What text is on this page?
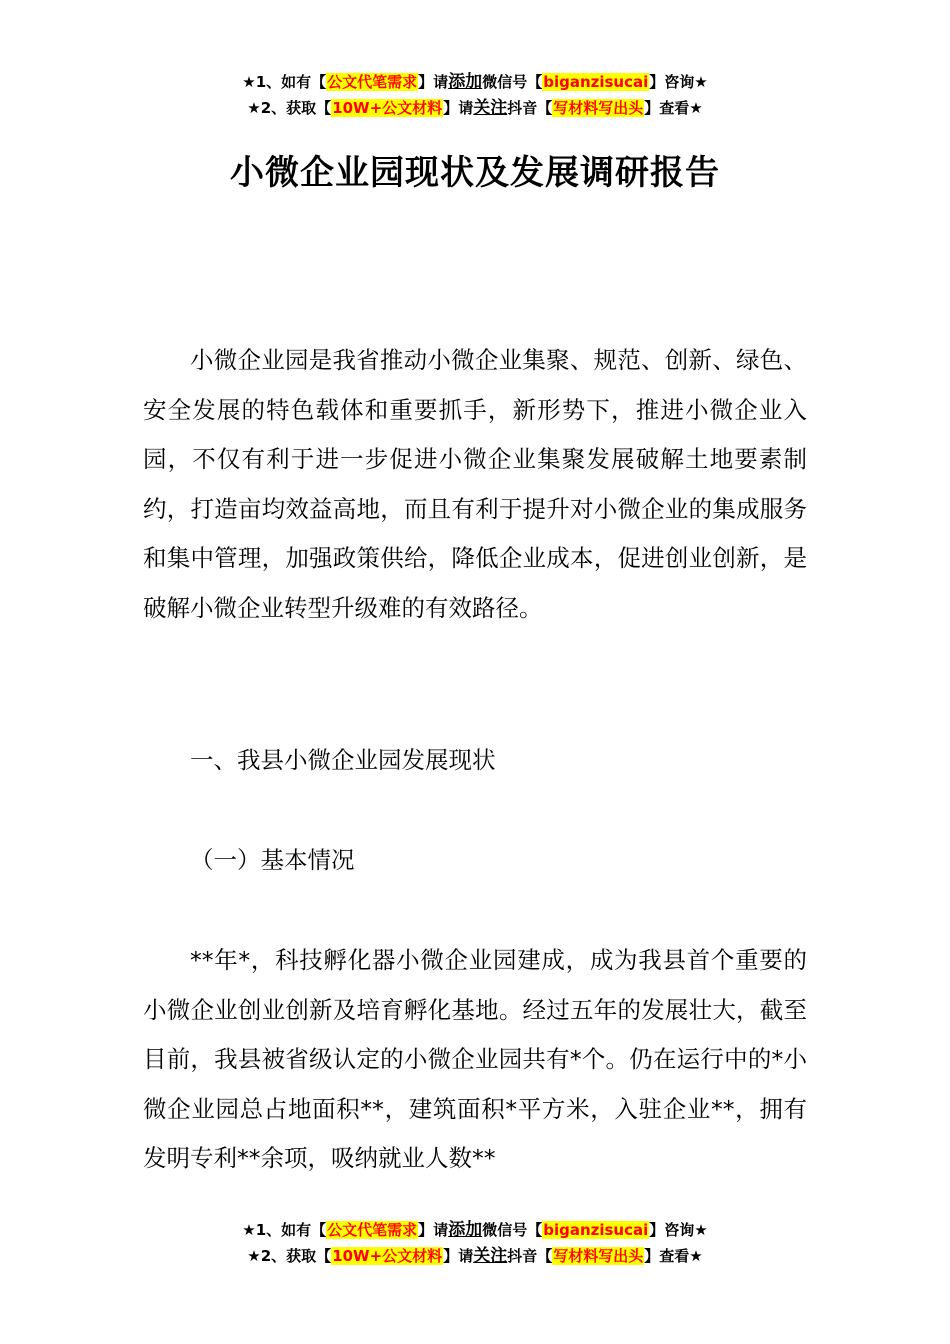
★1、如有【公文代笔需求】请添加微信号【biganzisucai】咨询★
★2、获取【10W+公文材料】请关注抖音【写材料写出头】查看★
小微企业园现状及发展调研报告

小微企业园是我省推动小微企业集聚、规范、创新、绿色、安全发展的特色载体和重要抓手，新形势下，推进小微企业入园，不仅有利于进一步促进小微企业集聚发展破解土地要素制约，打造亩均效益高地，而且有利于提升对小微企业的集成服务和集中管理，加强政策供给，降低企业成本，促进创业创新，是破解小微企业转型升级难的有效路径。

一、我县小微企业园发展现状

（一）基本情况

**年*，科技孵化器小微企业园建成，成为我县首个重要的小微企业创业创新及培育孵化基地。经过五年的发展壮大，截至目前，我县被省级认定的小微企业园共有*个。仍在运行中的*小微企业园总占地面积**，建筑面积*平方米，入驻企业**，拥有发明专利**余项，吸纳就业人数**

★1、如有【公文代笔需求】请添加微信号【biganzisucai】咨询★
★2、获取【10W+公文材料】请关注抖音【写材料写出头】查看★
